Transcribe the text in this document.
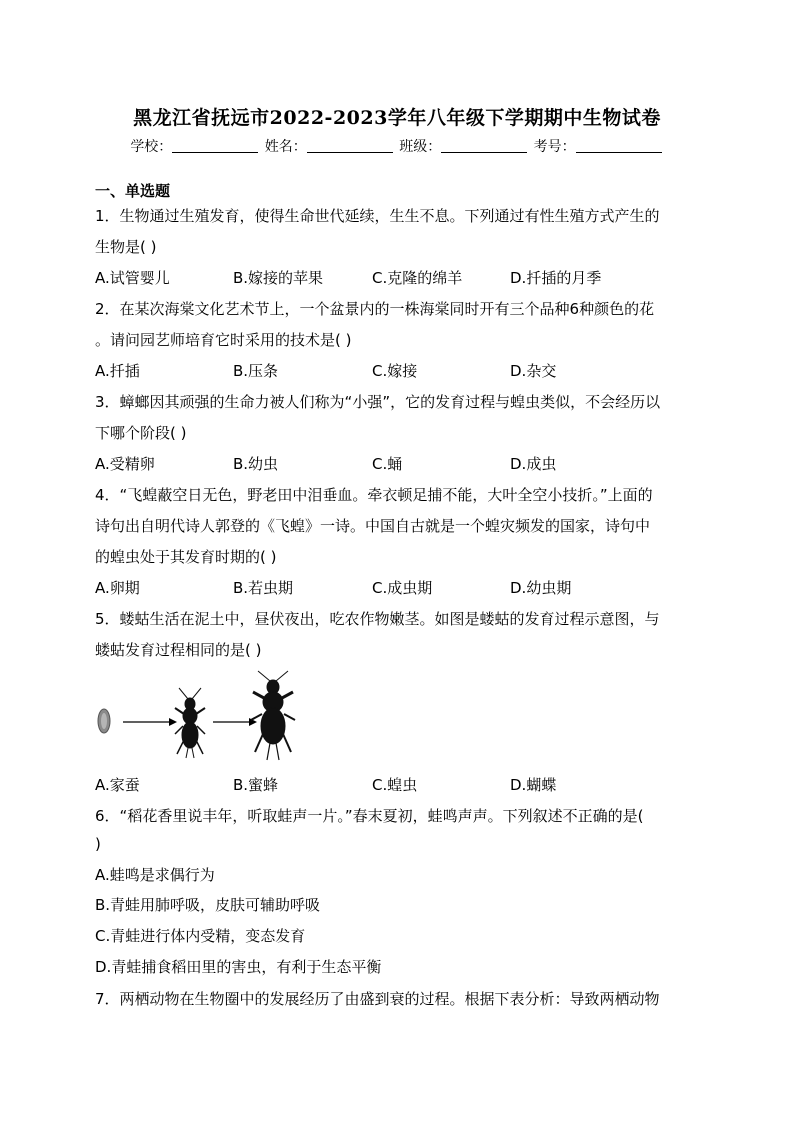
黑龙江省抚远市2022-2023学年八年级下学期期中生物试卷
学校：	姓名：	班级：	考号：
一、单选题
1．生物通过生殖发育，使得生命世代延续，生生不息。下列通过有性生殖方式产生的
生物是( )
A.试管婴儿	B.嫁接的苹果	C.克隆的绵羊	D.扦插的月季
2．在某次海棠文化艺术节上，一个盆景内的一株海棠同时开有三个品种6种颜色的花
。请问园艺师培育它时采用的技术是( )
A.扦插	B.压条	C.嫁接	D.杂交
3．蟑螂因其顽强的生命力被人们称为“小强”，它的发育过程与蝗虫类似，不会经历以
下哪个阶段( )
A.受精卵	B.幼虫	C.蛹	D.成虫
4．“飞蝗蔽空日无色，野老田中泪垂血。牵衣顿足捕不能，大叶全空小技折。”上面的
诗句出自明代诗人郭登的《飞蝗》一诗。中国自古就是一个蝗灾频发的国家，诗句中
的蝗虫处于其发育时期的( )
A.卵期	B.若虫期	C.成虫期	D.幼虫期
5．蝼蛄生活在泥土中，昼伏夜出，吃农作物嫩茎。如图是蝼蛄的发育过程示意图，与
蝼蛄发育过程相同的是( )
A.家蚕	B.蜜蜂	C.蝗虫	D.蝴蝶
6．“稻花香里说丰年，听取蛙声一片。”春末夏初，蛙鸣声声。下列叙述不正确的是(
)
A.蛙鸣是求偶行为
B.青蛙用肺呼吸，皮肤可辅助呼吸
C.青蛙进行体内受精，变态发育
D.青蛙捕食稻田里的害虫，有利于生态平衡
7．两栖动物在生物圈中的发展经历了由盛到衰的过程。根据下表分析：导致两栖动物
